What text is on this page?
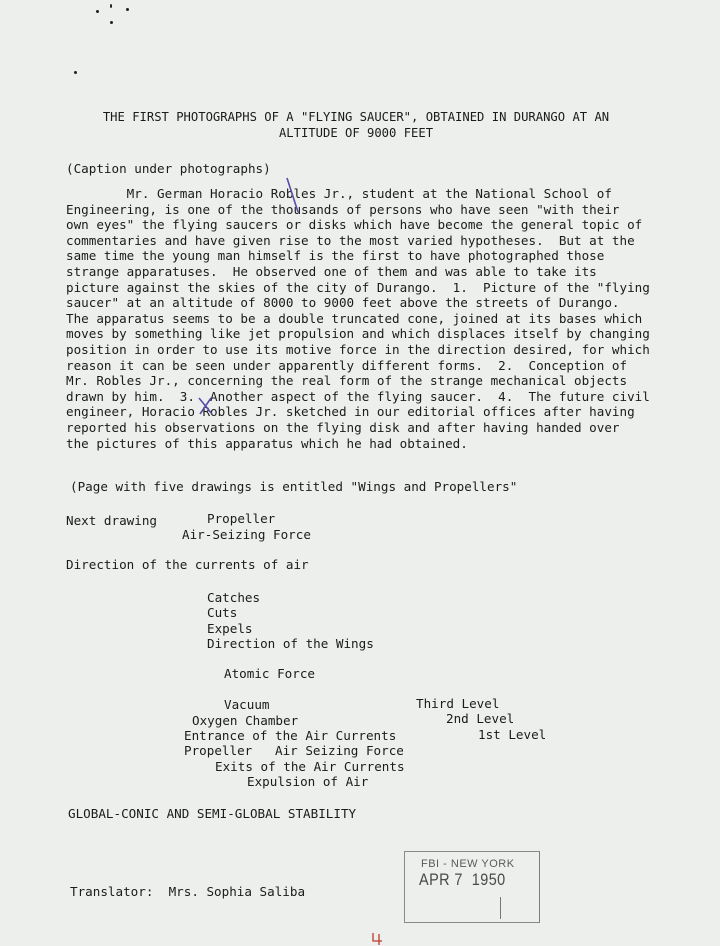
THE FIRST PHOTOGRAPHS OF A "FLYING SAUCER", OBTAINED IN DURANGO AT AN
ALTITUDE OF 9000 FEET
(Caption under photographs)
Mr. German Horacio Robles Jr., student at the National School of
Engineering, is one of the thousands of persons who have seen "with their
own eyes" the flying saucers or disks which have become the general topic of
commentaries and have given rise to the most varied hypotheses.  But at the
same time the young man himself is the first to have photographed those
strange apparatuses.  He observed one of them and was able to take its
picture against the skies of the city of Durango.  1.  Picture of the "flying
saucer" at an altitude of 8000 to 9000 feet above the streets of Durango.
The apparatus seems to be a double truncated cone, joined at its bases which
moves by something like jet propulsion and which displaces itself by changing
position in order to use its motive force in the direction desired, for which
reason it can be seen under apparently different forms.  2.  Conception of
Mr. Robles Jr., concerning the real form of the strange mechanical objects
drawn by him.  3.  Another aspect of the flying saucer.  4.  The future civil
engineer, Horacio Robles Jr. sketched in our editorial offices after having
reported his observations on the flying disk and after having handed over
the pictures of this apparatus which he had obtained.
(Page with five drawings is entitled "Wings and Propellers"
Next drawing	Propeller
Air-Seizing Force
Direction of the currents of air
Catches
Cuts
Expels
Direction of the Wings
Atomic Force
Vacuum	Third Level
Oxygen Chamber	2nd Level
Entrance of the Air Currents	1st Level
Propeller   Air Seizing Force
Exits of the Air Currents
Expulsion of Air
GLOBAL-CONIC AND SEMI-GLOBAL STABILITY
Translator:  Mrs. Sophia Saliba
FBI - NEW YORK
APR 7  1950
